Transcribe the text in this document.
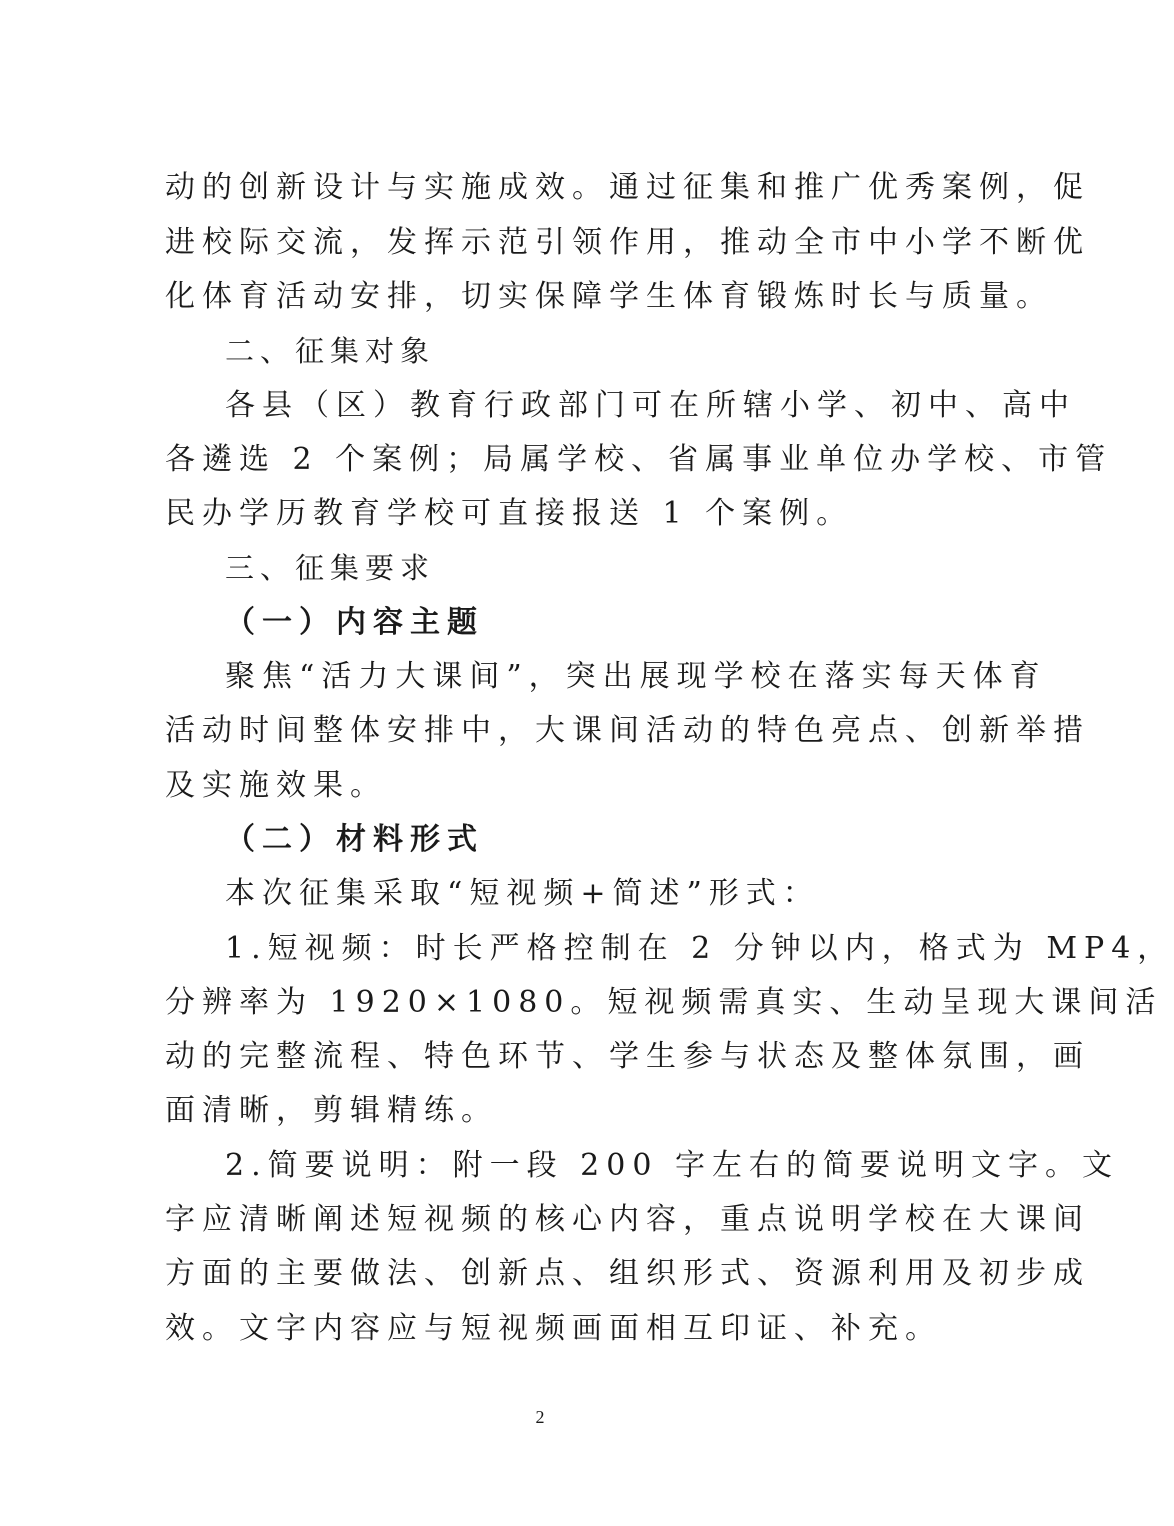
动的创新设计与实施成效。通过征集和推广优秀案例，促
进校际交流，发挥示范引领作用，推动全市中小学不断优
化体育活动安排，切实保障学生体育锻炼时长与质量。
二、征集对象
各县（区）教育行政部门可在所辖小学、初中、高中
各遴选 2 个案例；局属学校、省属事业单位办学校、市管
民办学历教育学校可直接报送 1 个案例。
三、征集要求
（一）内容主题
聚焦“活力大课间”，突出展现学校在落实每天体育
活动时间整体安排中，大课间活动的特色亮点、创新举措
及实施效果。
（二）材料形式
本次征集采取“短视频+简述”形式：
1.短视频：时长严格控制在 2 分钟以内，格式为 MP4，
分辨率为 1920×1080。短视频需真实、生动呈现大课间活
动的完整流程、特色环节、学生参与状态及整体氛围，画
面清晰，剪辑精练。
2.简要说明：附一段 200 字左右的简要说明文字。文
字应清晰阐述短视频的核心内容，重点说明学校在大课间
方面的主要做法、创新点、组织形式、资源利用及初步成
效。文字内容应与短视频画面相互印证、补充。
2
